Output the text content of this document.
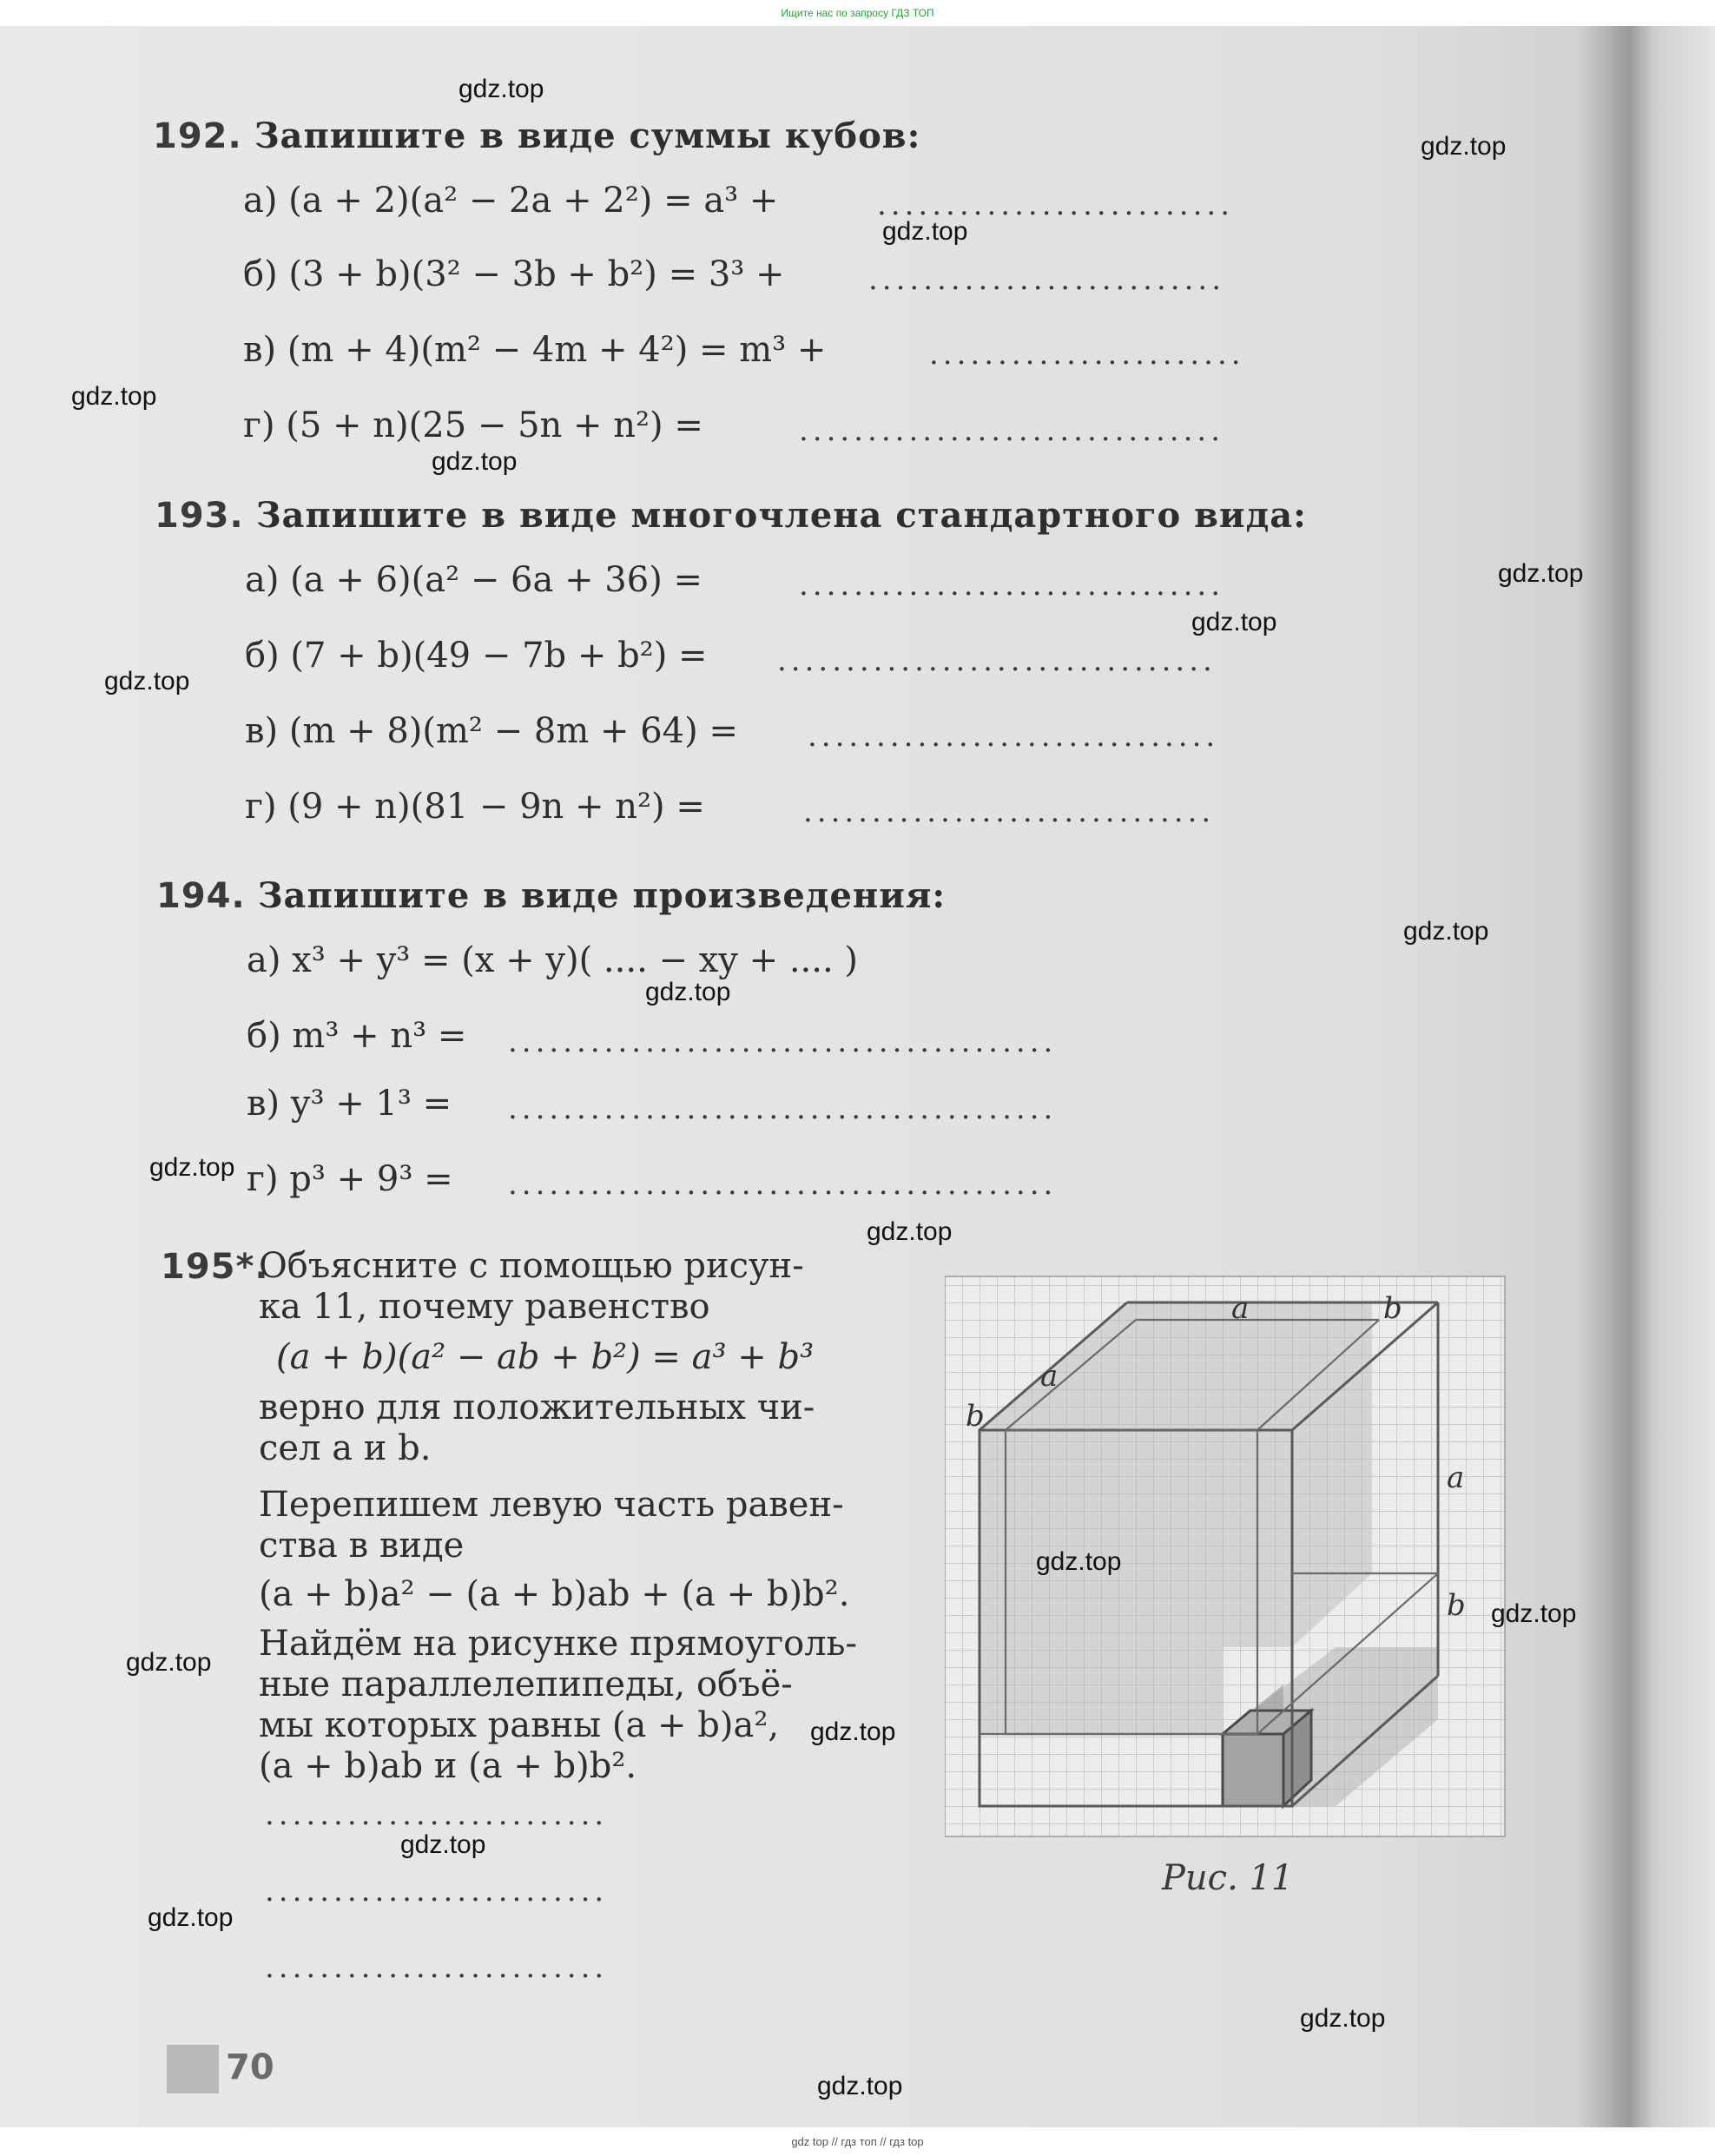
Ищите нас по запросу ГДЗ ТОП
192. Запишите в виде суммы кубов:
а) (a + 2)(a² − 2a + 2²) = a³ +	..........................
б) (3 + b)(3² − 3b + b²) = 3³ +	..........................
в) (m + 4)(m² − 4m + 4²) = m³ +	.......................
г) (5 + n)(25 − 5n + n²) =	...............................
193. Запишите в виде многочлена стандартного вида:
а) (a + 6)(a² − 6a + 36) =	...............................
б) (7 + b)(49 − 7b + b²) = ................................
в) (m + 8)(m² − 8m + 64) = ..............................
г) (9 + n)(81 − 9n + n²) =	..............................
194. Запишите в виде произведения:
а) x³ + y³ = (x + y)( .... − xy + .... )
б) m³ + n³ = ........................................
в) y³ + 1³ = ........................................
г) p³ + 9³ = ........................................
195*.
Объясните с помощью рисун-
ка 11, почему равенство
(a + b)(a² − ab + b²) = a³ + b³
верно для положительных чи-
сел a и b.
Перепишем левую часть равен-
ства в виде
(a + b)a² − (a + b)ab + (a + b)b².
Найдём на рисунке прямоуголь-
ные параллелепипеды, объё-
мы которых равны (a + b)a²,
(a + b)ab и (a + b)b².
.........................
.........................
.........................
a	b
a
b
a
b
Рис. 11
70
gdz.top
gdz.top
gdz.top
gdz.top
gdz.top
gdz.top
gdz.top
gdz.top
gdz.top
gdz.top
gdz.top
gdz.top
gdz.top
gdz.top
gdz.top
gdz.top
gdz.top
gdz.top
gdz.top
gdz.top
gdz top // гдз топ // гдз top
